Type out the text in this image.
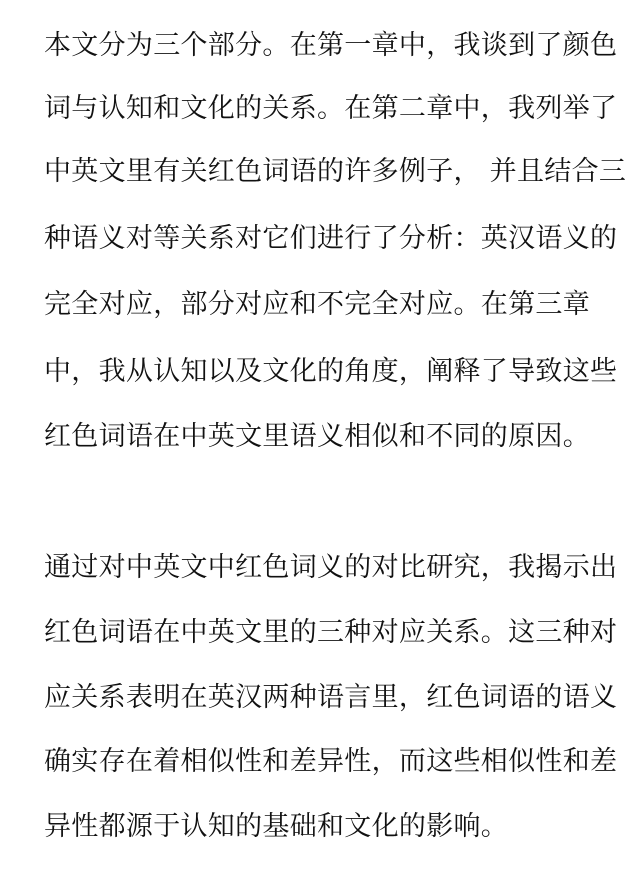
本文分为三个部分。在第一章中，我谈到了颜色
词与认知和文化的关系。在第二章中，我列举了
中英文里有关红色词语的许多例子， 并且结合三
种语义对等关系对它们进行了分析：英汉语义的
完全对应，部分对应和不完全对应。在第三章
中，我从认知以及文化的角度，阐释了导致这些
红色词语在中英文里语义相似和不同的原因。
通过对中英文中红色词义的对比研究，我揭示出
红色词语在中英文里的三种对应关系。这三种对
应关系表明在英汉两种语言里，红色词语的语义
确实存在着相似性和差异性，而这些相似性和差
异性都源于认知的基础和文化的影响。
